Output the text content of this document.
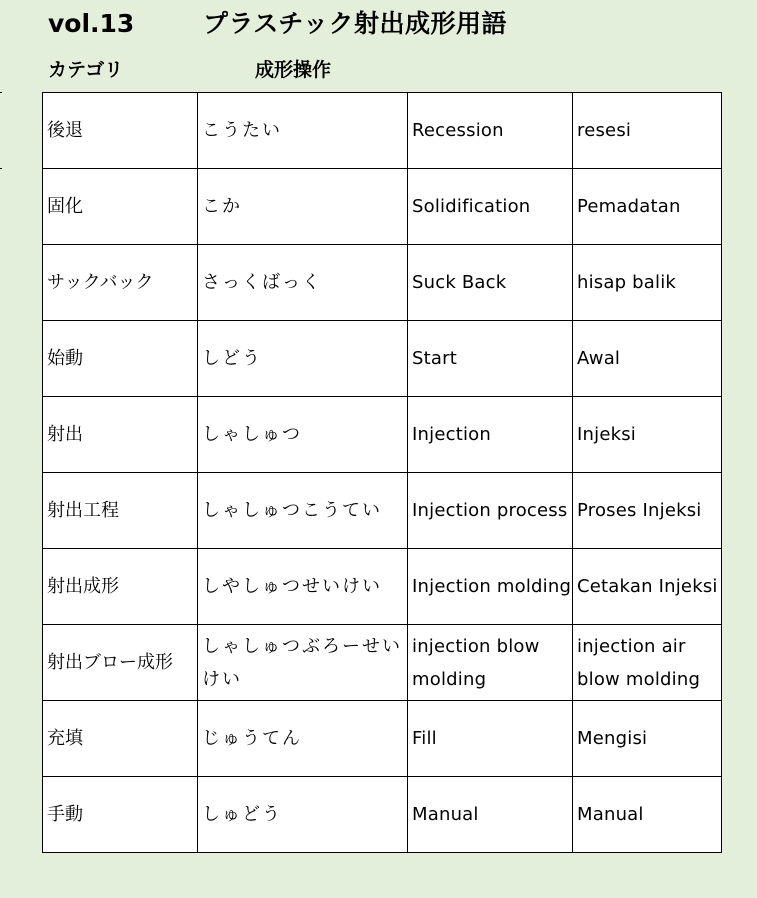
vol.13	プラスチック射出成形用語
カテゴリ	成形操作
後退	こうたい	Recession	resesi
固化	こか	Solidification	Pemadatan
サックバック	さっくばっく	Suck Back	hisap balik
始動	しどう	Start	Awal
射出	しゃしゅつ	Injection	Injeksi
射出工程	しゃしゅつこうてい	Injection process	Proses Injeksi
射出成形	しやしゅつせいけい	Injection molding	Cetakan Injeksi
射出ブロー成形	しゃしゅつぶろーせいけい	injection blow molding	injection air blow molding
充填	じゅうてん	Fill	Mengisi
手動	しゅどう	Manual	Manual
